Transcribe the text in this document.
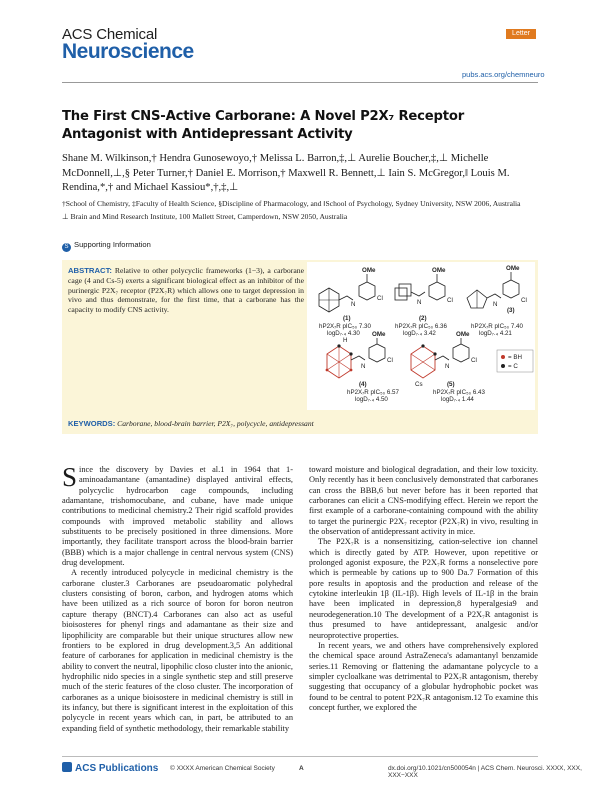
ACS Chemical
Neuroscience
Letter
pubs.acs.org/chemneuro
The First CNS-Active Carborane: A Novel P2X₇ Receptor Antagonist with Antidepressant Activity
Shane M. Wilkinson,† Hendra Gunosewoyo,† Melissa L. Barron,‡,⊥ Aurelie Boucher,‡,⊥ Michelle McDonnell,⊥,§ Peter Turner,† Daniel E. Morrison,† Maxwell R. Bennett,⊥ Iain S. McGregor,‖ Louis M. Rendina,*,† and Michael Kassiou*,†,‡,⊥
†School of Chemistry, ‡Faculty of Health Science, §Discipline of Pharmacology, and ‖School of Psychology, Sydney University, NSW 2006, Australia
⊥ Brain and Mind Research Institute, 100 Mallett Street, Camperdown, NSW 2050, Australia
S Supporting Information
ABSTRACT: Relative to other polycyclic frameworks (1−3), a carborane cage (4 and Cs-5) exerts a significant biological effect as an inhibitor of the purinergic P2X₇ receptor (P2X₇R) which allows one to target depression in vivo and thus demonstrate, for the first time, that a carborane has the capacity to modify CNS activity.
OMe
Cl
N
(1)
hP2X₇R pIC₅₀ 7.30
logD₇.₄ 4.30
OMe
Cl
N
(2)
hP2X₇R pIC₅₀ 6.36
logD₇.₄ 3.42
OMe
Cl
N
(3)
hP2X₇R pIC₅₀ 7.40
logD₇.₄ 4.21
OMe
Cl
N
H
(4)
hP2X₇R pIC₅₀ 6.57
logD₇.₄ 4.50
OMe
Cl
N
Cs	(5)
hP2X₇R pIC₅₀ 6.43
logD₇.₄ 1.44
= BH
= C
KEYWORDS: Carborane, blood-brain barrier, P2X₇, polycycle, antidepressant

Since the discovery by Davies et al.1 in 1964 that 1-aminoadamantane (amantadine) displayed antiviral effects, polycyclic hydrocarbon cage compounds, including adamantane, trishomocubane, and cubane, have made unique contributions to medicinal chemistry.2 Their rigid scaffold provides compounds with improved metabolic stability and allows substituents to be precisely positioned in three dimensions. More importantly, they facilitate transport across the blood-brain barrier (BBB) which is a major challenge in central nervous system (CNS) drug development.

A recently introduced polycycle in medicinal chemistry is the carborane cluster.3 Carboranes are pseudoaromatic polyhedral clusters consisting of boron, carbon, and hydrogen atoms which have been utilized as a rich source of boron for boron neutron capture therapy (BNCT).4 Carboranes can also act as useful bioisosteres for phenyl rings and adamantane as their size and lipophilicity are comparable but their unique structures allow new frontiers to be explored in drug development.3,5 An additional feature of carboranes for application in medicinal chemistry is the ability to convert the neutral, lipophilic closo cluster into the anionic, hydrophilic nido species in a single synthetic step and still preserve much of the steric features of the closo cluster. The incorporation of carboranes as a unique bioisostere in medicinal chemistry is still in its infancy, but there is significant interest in the exploitation of this polycycle in recent years which can, in part, be attributed to an expanding field of synthetic methodology, their remarkable stability

toward moisture and biological degradation, and their low toxicity. Only recently has it been conclusively demonstrated that carboranes can cross the BBB,6 but never before has it been reported that carboranes can elicit a CNS-modifying effect. Herein we report the first example of a carborane-containing compound with the ability to target the purinergic P2X₇ receptor (P2X₇R) in vivo, resulting in the observation of antidepressant activity in mice.

The P2X₇R is a nonsensitizing, cation-selective ion channel which is directly gated by ATP. However, upon repetitive or prolonged agonist exposure, the P2X₇R forms a nonselective pore which is permeable by cations up to 900 Da.7 Formation of this pore results in apoptosis and the production and release of the cytokine interleukin 1β (IL-1β). High levels of IL-1β in the brain have been implicated in depression,8 hyperalgesia9 and neurodegeneration.10 The development of a P2X₇R antagonist is thus presumed to have antidepressant, analgesic and/or neuroprotective properties.

In recent years, we and others have comprehensively explored the chemical space around AstraZeneca's adamantanyl benzamide series.11 Removing or flattening the adamantane polycycle to a simpler cycloalkane was detrimental to P2X₇R antagonism, thereby suggesting that occupancy of a globular hydrophobic pocket was found to be central to potent P2X₇R antagonism.12 To examine this concept further, we explored the

ACS Publications © XXXX American Chemical Society	A	dx.doi.org/10.1021/cn500054n | ACS Chem. Neurosci. XXXX, XXX, XXX−XXX
